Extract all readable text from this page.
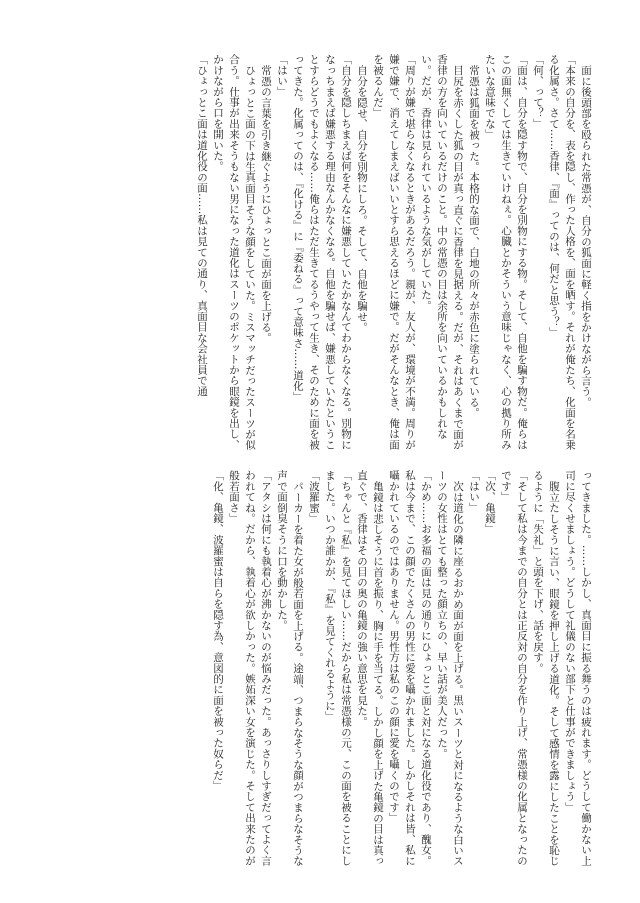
面に後頭部を殴られた常憑が、自分の狐面に軽く指をかけながら言う。

「本来の自分を、表を隠し、作った人格を、面を晒す。それが俺たち、化面を名乗る化属さ。さて……香律、『面』ってのは、何だと思う？」

「何、って？」

「面は、自分を隠す物で、自分を別物にする物。そして、自他を騙す物だ。俺らはこの面無くしては生きていけねぇ。心臓とかそういう意味じゃなく、心の拠り所みたいな意味でな」

常憑は狐面を被った。本格的な面で、白地の所々が赤色に塗られている。

目尻を赤くした狐の目が真っ直ぐに香律を見据える。だが、それはあくまで面が香律の方を向いているだけのこと。中の常憑の目は余所を向いているかもしれない。だが、香律は見られているような気がしていた。

「周りが嫌で堪らなくなるときがあるだろう。親が、友人が、環境が不満。周りが嫌で嫌で、消えてしまえばいいとすら思えるほどに嫌で。だがそんなとき、俺は面を被るんだ」

自分を隠せ、自分を別物にしろ。そして、自他を騙せ。

「自分を隠しちまえば何をそんなに嫌悪していたかなんてわからなくなる。別物になっちまえば嫌悪する理由なんかなくなる。自他を騙せば、嫌悪していたということすらどうでもよくなる……俺らはただ生きてるうやって生き、そのために面を被ってきた。化属ってのは、『化ける』に『委ねる』って意味さ……道化」

「はい」

常憑の言葉を引き継ぐようにひょっとこ面が面を上げる。

ひょっとこ面の下は生真面目そうな顔をしていた。ミスマッチだったスーツが似合う。仕事が出来そうもない男になった道化はスーツのポケットから眼鏡を出し、かけながら口を開いた。

「ひょっとこ面は道化役の面……私は見ての通り、真面目な会社員で通

ってきました。……しかし、真面目に振る舞うのは疲れます。どうして働かない上司に尽くせましょう。どうして礼儀のない部下と仕事ができましょう」

腹立たしそうに言い、眼鏡を押し上げる道化。そして感情を露にしたことを恥じるように「失礼」と頭を下げ、話を戻す。

「そして私は今までの自分とは正反対の自分を作り上げ、常憑様の化属となったのです」

「次、亀鏡」

「はい」

次は道化の隣に座るおかめ面が面を上げる。黒いスーツと対になるような白いスーツの女性はとても整った顔立ちの、早い話が美人だった。

「かめ……お多福の面は見の通りにひょっとこ面と対になる道化役であり、醜女。私は今まで、この顔でたくさんの男性に愛を囁かれました。しかしそれは皆、私に囁かれているのではありません。男性方は私のこの顔に愛を囁くのです」

亀鏡は悲しそうに首を振り、胸に手を当てる。しかし顔を上げた亀鏡の目は真っ直ぐで、香律はその目の奥の亀鏡の強い意思を見た。

「ちゃんと『私』を見てほしい……だから私は常憑様の元、この面を被ることにしました。いつか誰かが、『私』を見てくれるように」

「波羅蜜」

パーカーを着た女が般若面を上げる。途端、つまらなそうな顔がつまらなそうな声で面倒臭そうに口を動かした。

「アタシは何にも執着心が沸かないのが悩みだった。あっさりしすぎだってよく言われてね。だから、執着心が欲しかった。嫉妬深い女を演じた。そして出来たのが般若面さ」

「化、亀鏡、波羅蜜は自らを隠す為、意図的に面を被った奴らだ」
